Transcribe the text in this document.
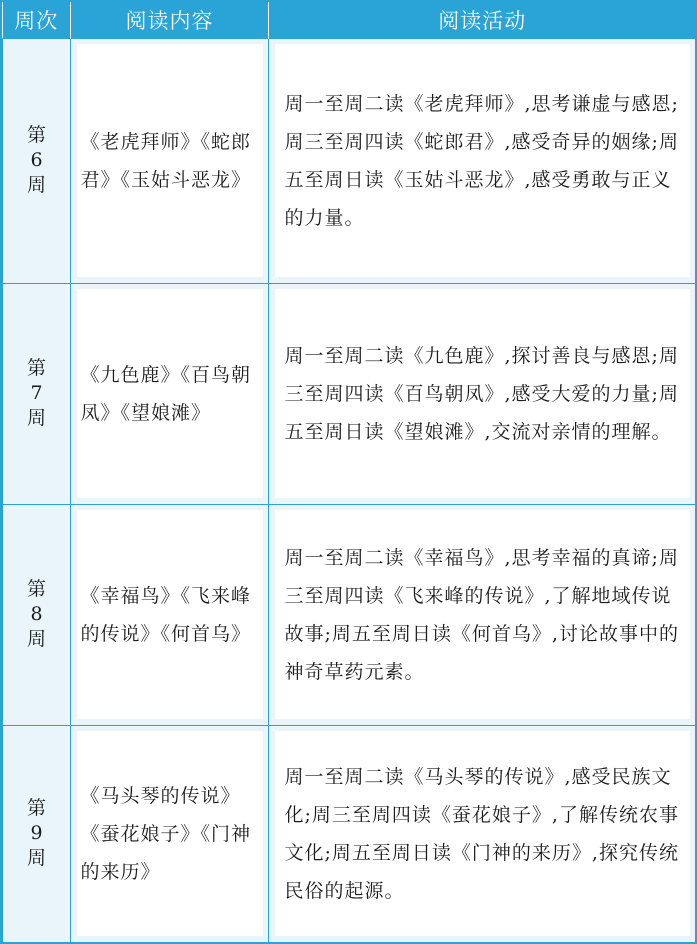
周次	阅读内容	阅读活动

第
6
周	《老虎拜师》《蛇郎君》《玉姑斗恶龙》	周一至周二读《老虎拜师》,思考谦虚与感恩;周三至周四读《蛇郎君》,感受奇异的姻缘;周五至周日读《玉姑斗恶龙》,感受勇敢与正义的力量。

第
7
周	《九色鹿》《百鸟朝凤》《望娘滩》	周一至周二读《九色鹿》,探讨善良与感恩;周三至周四读《百鸟朝凤》,感受大爱的力量;周五至周日读《望娘滩》,交流对亲情的理解。

第
8
周	《幸福鸟》《飞来峰的传说》《何首乌》	周一至周二读《幸福鸟》,思考幸福的真谛;周三至周四读《飞来峰的传说》,了解地域传说故事;周五至周日读《何首乌》,讨论故事中的神奇草药元素。

第
9
周	《马头琴的传说》《蚕花娘子》《门神的来历》	周一至周二读《马头琴的传说》,感受民族文化;周三至周四读《蚕花娘子》,了解传统农事文化;周五至周日读《门神的来历》,探究传统民俗的起源。
